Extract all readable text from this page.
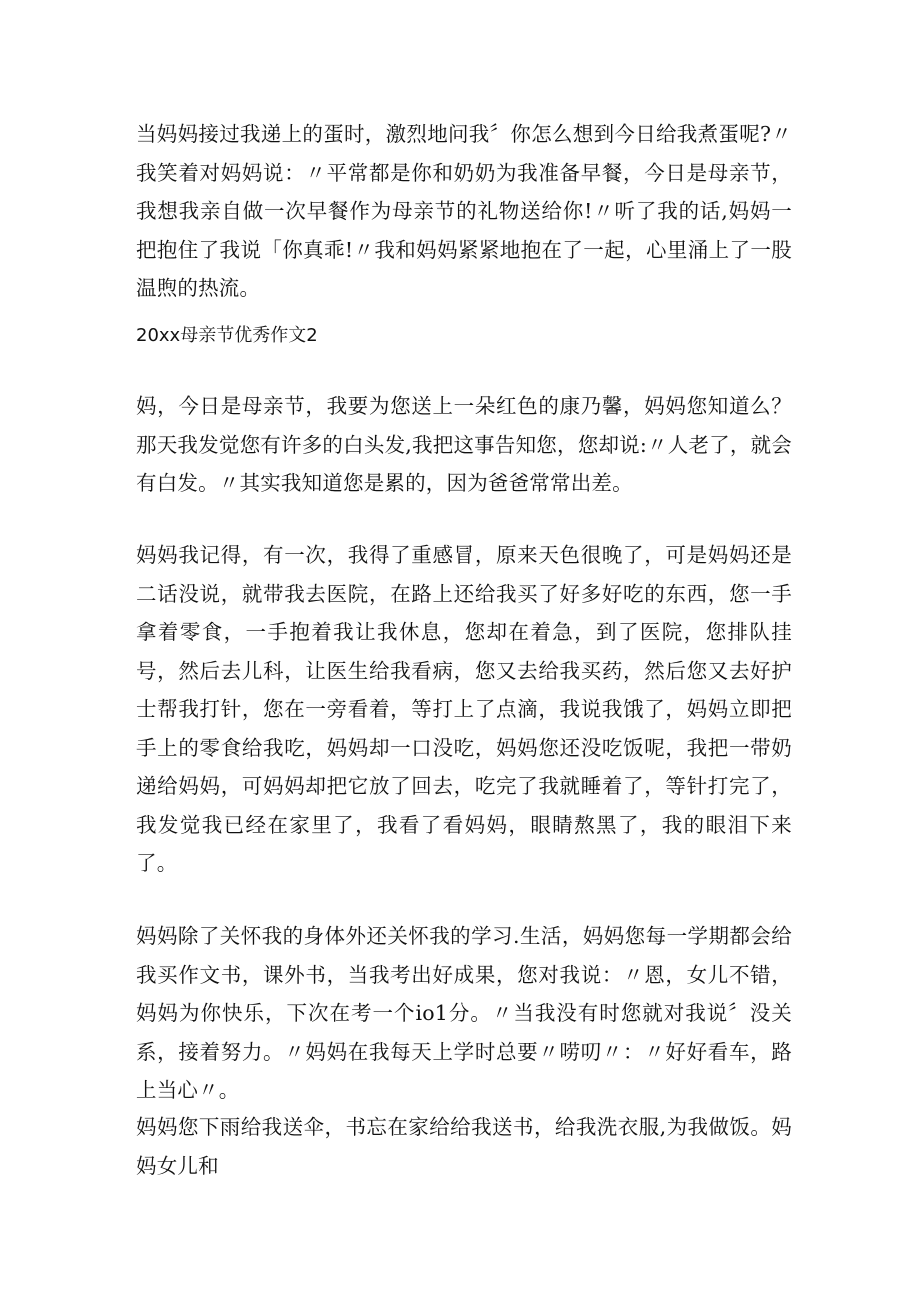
当妈妈接过我递上的蛋时，激烈地问我〞你怎么想到今日给我煮蛋呢?〃我笑着对妈妈说：〃平常都是你和奶奶为我准备早餐，今日是母亲节，我想我亲自做一次早餐作为母亲节的礼物送给你!〃听了我的话,妈妈一把抱住了我说「你真乖!〃我和妈妈紧紧地抱在了一起，心里涌上了一股温煦的热流。

20xx母亲节优秀作文2

妈，今日是母亲节，我要为您送上一朵红色的康乃馨，妈妈您知道么？那天我发觉您有许多的白头发,我把这事告知您，您却说:〃人老了，就会有白发。〃其实我知道您是累的，因为爸爸常常出差。

妈妈我记得，有一次，我得了重感冒，原来天色很晚了，可是妈妈还是二话没说，就带我去医院，在路上还给我买了好多好吃的东西，您一手拿着零食，一手抱着我让我休息，您却在着急，到了医院，您排队挂号，然后去儿科，让医生给我看病，您又去给我买药，然后您又去好护士帮我打针，您在一旁看着，等打上了点滴，我说我饿了，妈妈立即把手上的零食给我吃，妈妈却一口没吃，妈妈您还没吃饭呢，我把一带奶递给妈妈，可妈妈却把它放了回去，吃完了我就睡着了，等针打完了，我发觉我已经在家里了，我看了看妈妈，眼睛熬黑了，我的眼泪下来了。

妈妈除了关怀我的身体外还关怀我的学习.生活，妈妈您每一学期都会给我买作文书，课外书，当我考出好成果，您对我说：〃恩，女儿不错，妈妈为你快乐，下次在考一个io1分。〃当我没有时您就对我说〞没关系，接着努力。〃妈妈在我每天上学时总要〃唠叨〃：〃好好看车，路上当心〃。

妈妈您下雨给我送伞，书忘在家给给我送书，给我洗衣服,为我做饭。妈妈女儿和
